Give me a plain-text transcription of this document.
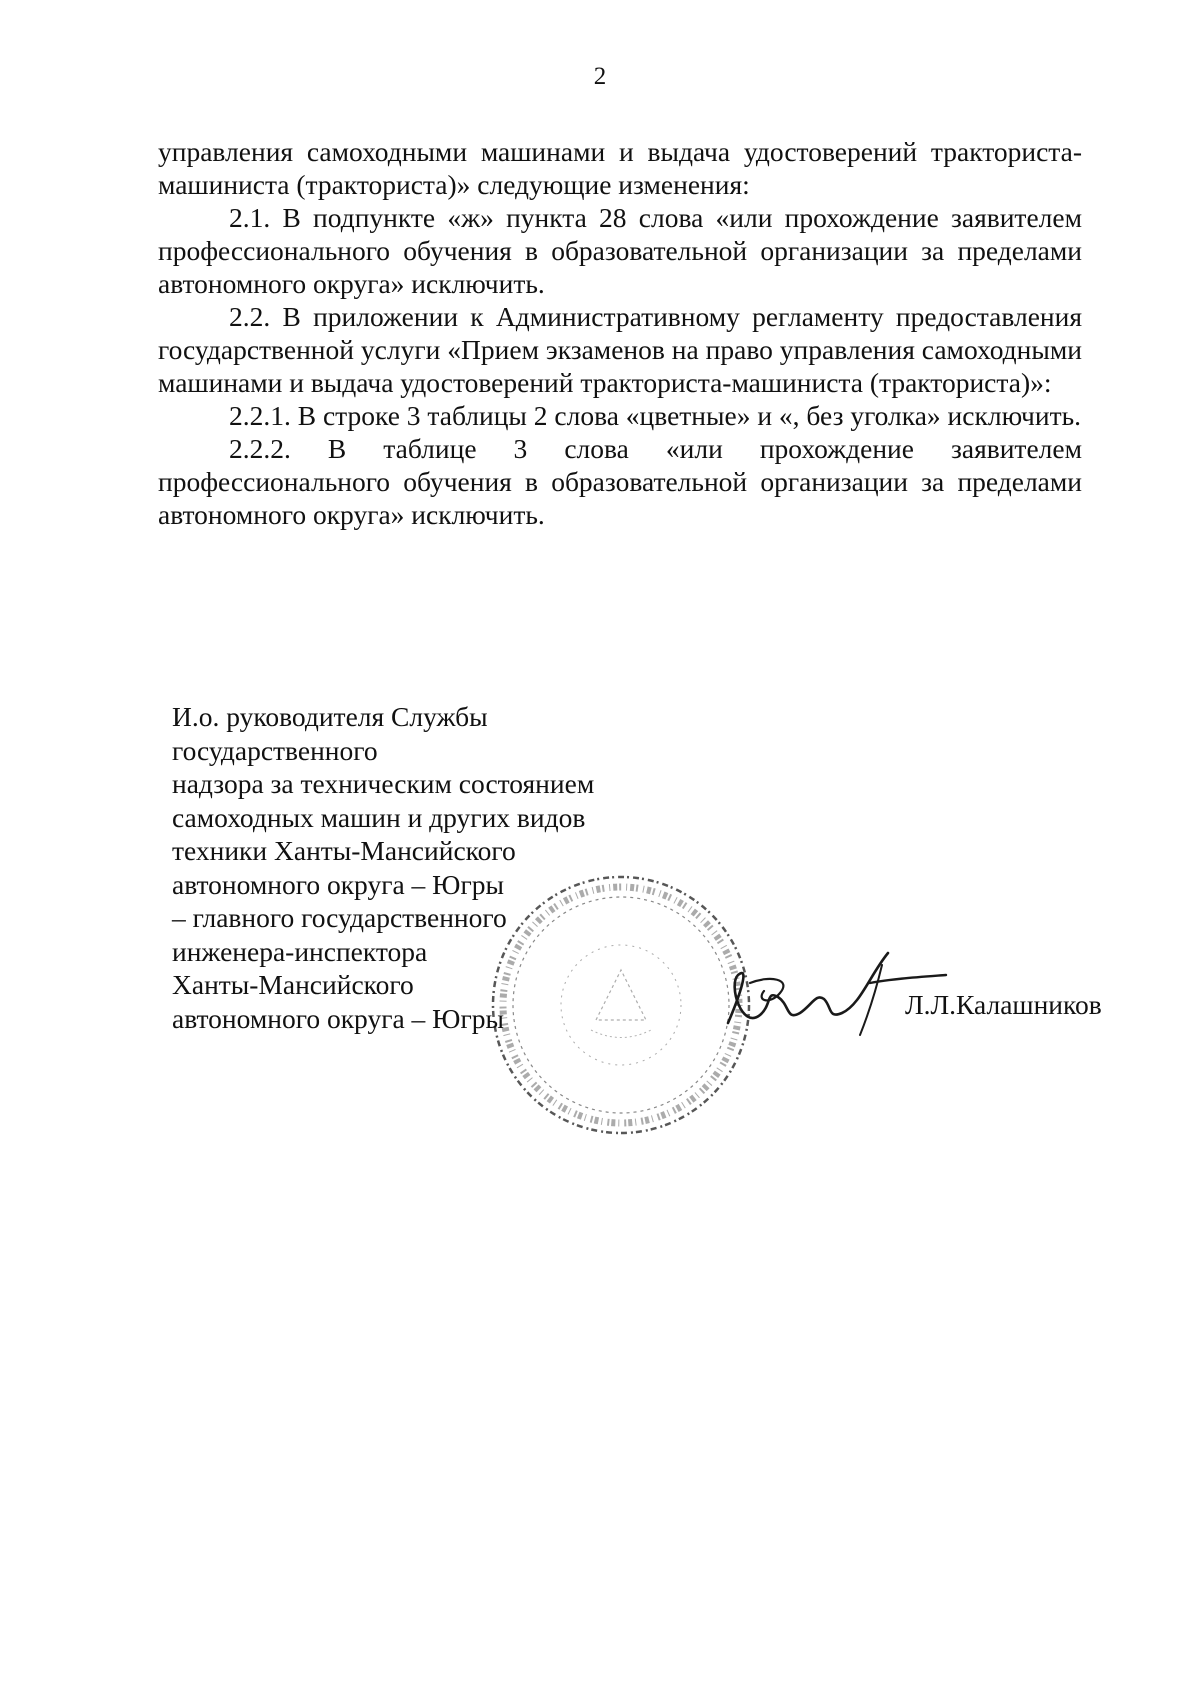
2

управления самоходными машинами и выдача удостоверений тракториста-машиниста (тракториста)» следующие изменения:

2.1. В подпункте «ж» пункта 28 слова «или прохождение заявителем профессионального обучения в образовательной организации за пределами автономного округа» исключить.

2.2. В приложении к Административному регламенту предоставления государственной услуги «Прием экзаменов на право управления самоходными машинами и выдача удостоверений тракториста-машиниста (тракториста)»:

2.2.1. В строке 3 таблицы 2 слова «цветные» и «, без уголка» исключить.

2.2.2. В таблице 3 слова «или прохождение заявителем профессионального обучения в образовательной организации за пределами автономного округа» исключить.

И.о. руководителя Службы
государственного
надзора за техническим состоянием
самоходных машин и других видов
техники Ханты-Мансийского
автономного округа – Югры
– главного государственного
инженера-инспектора
Ханты-Мансийского
автономного округа – Югры	Л.Л.Калашников
